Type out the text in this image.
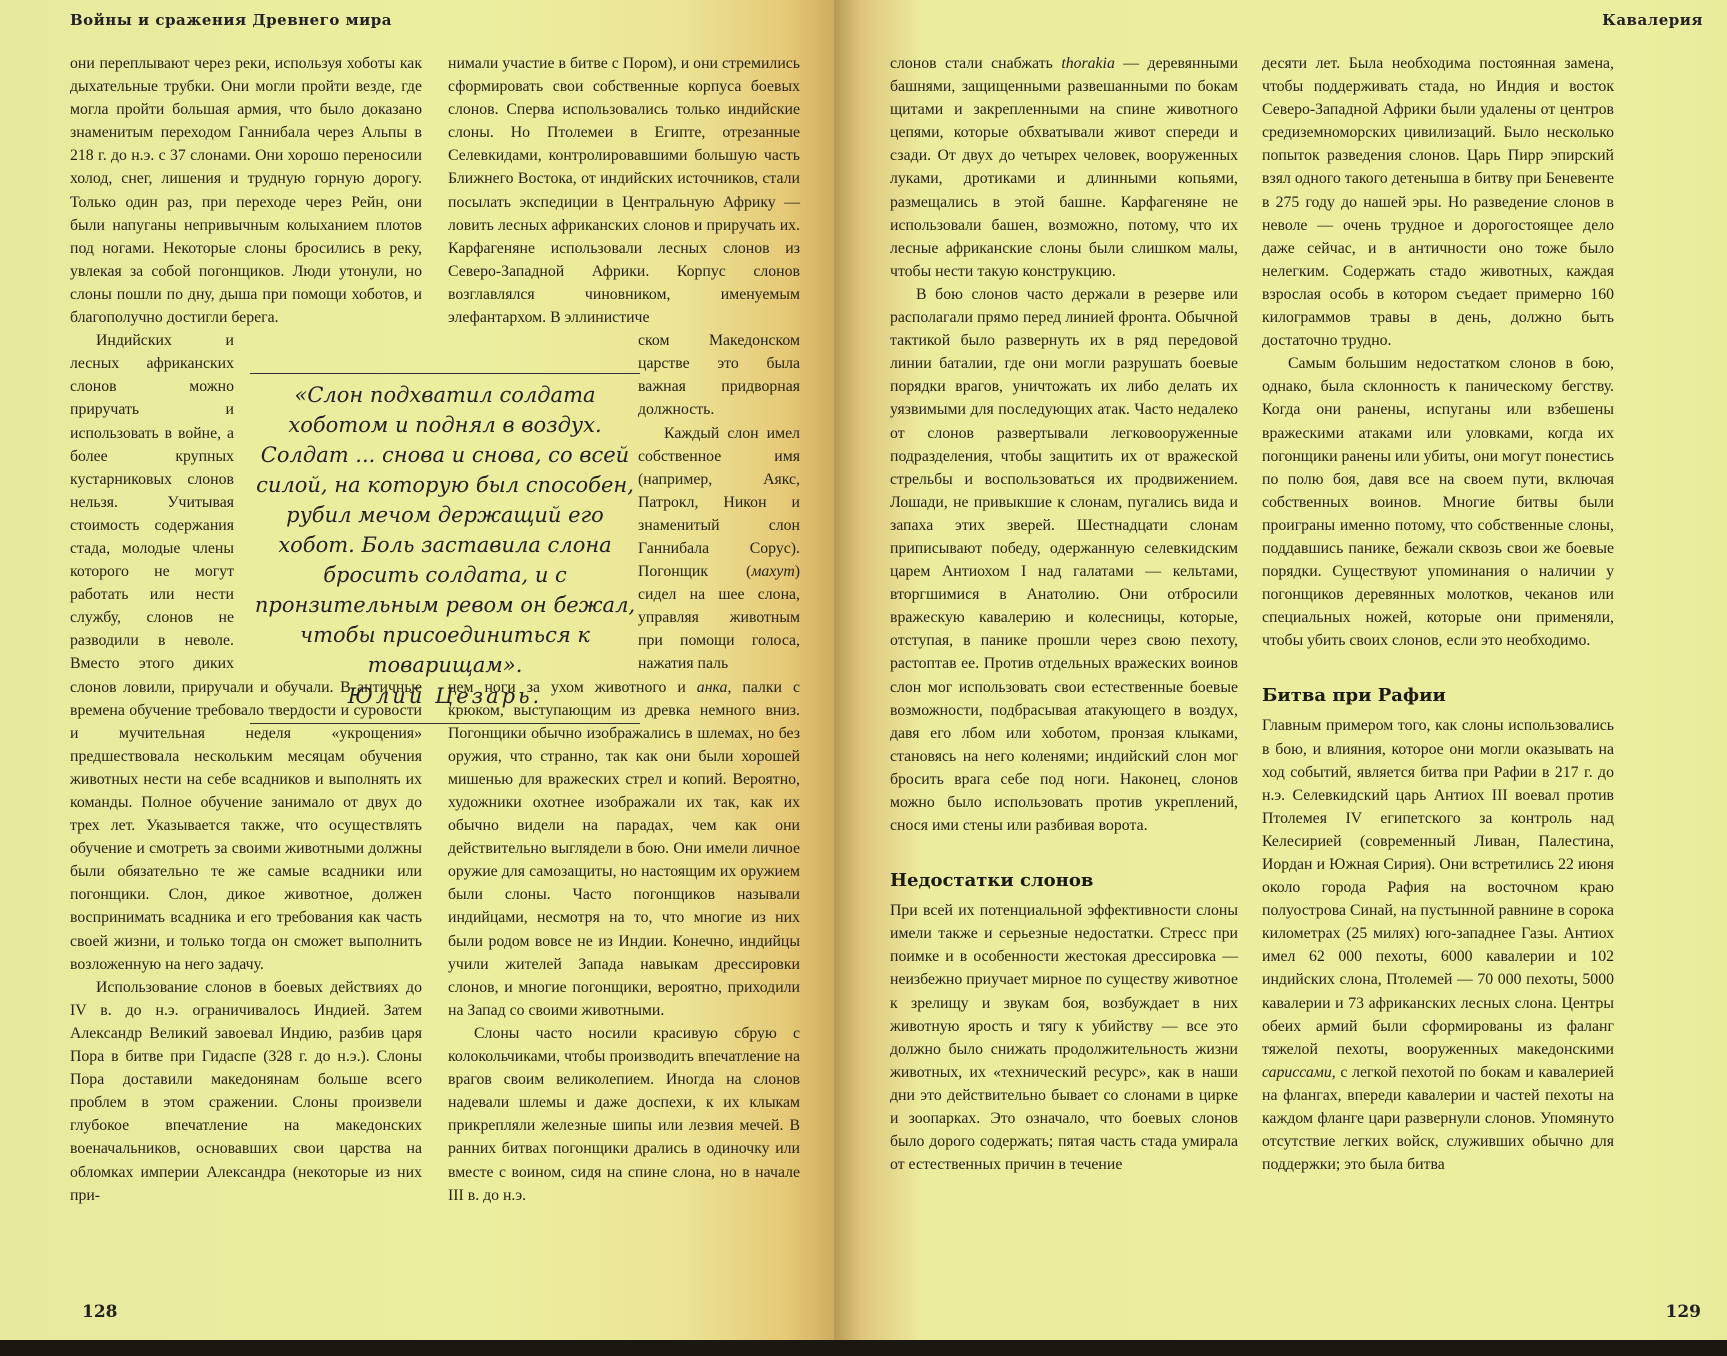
Войны и сражения Древнего мира

они переплывают через реки, используя хоботы как дыхательные трубки. Они могли пройти везде, где могла пройти большая армия, что было доказано знаменитым переходом Ганнибала через Альпы в 218 г. до н.э. с 37 слонами. Они хорошо переносили холод, снег, лишения и трудную горную дорогу. Только один раз, при переходе через Рейн, они были напуганы непривычным колыханием плотов под ногами. Некоторые слоны бросились в реку, увлекая за собой погонщиков. Люди утонули, но слоны пошли по дну, дыша при помощи хоботов, и благополучно достигли берега.

Индийских и лесных африканских слонов можно приручать и использовать в войне, а более крупных кустарниковых слонов нельзя. Учитывая стоимость содержания стада, молодые члены которого не могут работать или нести службу, слонов не разводили в неволе. Вместо этого диких слонов ловили, приручали и обучали. В античные времена обучение требовало твердости и суровости и мучительная неделя «укрощения» предшествовала нескольким месяцам обучения животных нести на себе всадников и выполнять их команды. Полное обучение занимало от двух до трех лет. Указывается также, что осуществлять обучение и смотреть за своими животными должны были обязательно те же самые всадники или погонщики. Слон, дикое животное, должен воспринимать всадника и его требования как часть своей жизни, и только тогда он сможет выполнить возложенную на него задачу.

Использование слонов в боевых действиях до IV в. до н.э. ограничивалось Индией. Затем Александр Великий завоевал Индию, разбив царя Пора в битве при Гидаспе (328 г. до н.э.). Слоны Пора доставили македонянам больше всего проблем в этом сражении. Слоны произвели глубокое впечатление на македонских военачальников, основавших свои царства на обломках империи Александра (некоторые из них при-

нимали участие в битве с Пором), и они стремились сформировать свои собственные корпуса боевых слонов. Сперва использовались только индийские слоны. Но Птолемеи в Египте, отрезанные Селевкидами, контролировавшими большую часть Ближнего Востока, от индийских источников, стали посылать экспедиции в Центральную Африку — ловить лесных африканских слонов и приручать их. Карфагеняне использовали лесных слонов из Северо-Западной Африки. Корпус слонов возглавлялся чиновником, именуемым элефантархом. В эллинистиче

ском Македонском царстве это была важная придворная должность.

Каждый слон имел собственное имя (например, Аякс, Патрокл, Никон и знаменитый слон Ганнибала Сорус). Погонщик (махут) сидел на шее слона, управляя животным при помощи голоса, нажатия паль

цем ноги за ухом животного и анка, палки с крюком, выступающим из древка немного вниз. Погонщики обычно изображались в шлемах, но без оружия, что странно, так как они были хорошей мишенью для вражеских стрел и копий. Вероятно, художники охотнее изображали их так, как их обычно видели на парадах, чем как они действительно выглядели в бою. Они имели личное оружие для самозащиты, но настоящим их оружием были слоны. Часто погонщиков называли индийцами, несмотря на то, что многие из них были родом вовсе не из Индии. Конечно, индийцы учили жителей Запада навыкам дрессировки слонов, и многие погонщики, вероятно, приходили на Запад со своими животными.

Слоны часто носили красивую сбрую с колокольчиками, чтобы производить впечатление на врагов своим великолепием. Иногда на слонов надевали шлемы и даже доспехи, к их клыкам прикрепляли железные шипы или лезвия мечей. В ранних битвах погонщики дрались в одиночку или вместе с воином, сидя на спине слона, но в начале III в. до н.э.

«Слон подхватил солдата хоботом и поднял в воздух. Солдат ... снова и снова, со всей силой, на которую был способен, рубил мечом держащий его хобот. Боль заставила слона бросить солдата, и с пронзительным ревом он бежал, чтобы присоединиться к товарищам».
Юлий Цезарь.
128
Кавалерия

слонов стали снабжать thorakia — деревянными башнями, защищенными развешанными по бокам щитами и закрепленными на спине животного цепями, которые обхватывали живот спереди и сзади. От двух до четырех человек, вооруженных луками, дротиками и длинными копьями, размещались в этой башне. Карфагеняне не использовали башен, возможно, потому, что их лесные африканские слоны были слишком малы, чтобы нести такую конструкцию.

В бою слонов часто держали в резерве или располагали прямо перед линией фронта. Обычной тактикой было развернуть их в ряд передовой линии баталии, где они могли разрушать боевые порядки врагов, уничтожать их либо делать их уязвимыми для последующих атак. Часто недалеко от слонов развертывали легковооруженные подразделения, чтобы защитить их от вражеской стрельбы и воспользоваться их продвижением. Лошади, не привыкшие к слонам, пугались вида и запаха этих зверей. Шестнадцати слонам приписывают победу, одержанную селевкидским царем Антиохом I над галатами — кельтами, вторгшимися в Анатолию. Они отбросили вражескую кавалерию и колесницы, которые, отступая, в панике прошли через свою пехоту, растоптав ее. Против отдельных вражеских воинов слон мог использовать свои естественные боевые возможности, подбрасывая атакующего в воздух, давя его лбом или хоботом, пронзая клыками, становясь на него коленями; индийский слон мог бросить врага себе под ноги. Наконец, слонов можно было использовать против укреплений, снося ими стены или разбивая ворота.

Недостатки слонов

При всей их потенциальной эффективности слоны имели также и серьезные недостатки. Стресс при поимке и в особенности жестокая дрессировка — неизбежно приучает мирное по существу животное к зрелищу и звукам боя, возбуждает в них животную ярость и тягу к убийству — все это должно было снижать продолжительность жизни животных, их «технический ресурс», как в наши дни это действительно бывает со слонами в цирке и зоопарках. Это означало, что боевых слонов было дорого содержать; пятая часть стада умирала от естественных причин в течение

десяти лет. Была необходима постоянная замена, чтобы поддерживать стада, но Индия и восток Северо-Западной Африки были удалены от центров средиземноморских цивилизаций. Было несколько попыток разведения слонов. Царь Пирр эпирский взял одного такого детеныша в битву при Беневенте в 275 году до нашей эры. Но разведение слонов в неволе — очень трудное и дорогостоящее дело даже сейчас, и в античности оно тоже было нелегким. Содержать стадо животных, каждая взрослая особь в котором съедает примерно 160 килограммов травы в день, должно быть достаточно трудно.

Самым большим недостатком слонов в бою, однако, была склонность к паническому бегству. Когда они ранены, испуганы или взбешены вражескими атаками или уловками, когда их погонщики ранены или убиты, они могут понестись по полю боя, давя все на своем пути, включая собственных воинов. Многие битвы были проиграны именно потому, что собственные слоны, поддавшись панике, бежали сквозь свои же боевые порядки. Существуют упоминания о наличии у погонщиков деревянных молотков, чеканов или специальных ножей, которые они применяли, чтобы убить своих слонов, если это необходимо.

Битва при Рафии

Главным примером того, как слоны использовались в бою, и влияния, которое они могли оказывать на ход событий, является битва при Рафии в 217 г. до н.э. Селевкидский царь Антиох III воевал против Птолемея IV египетского за контроль над Келесирией (современный Ливан, Палестина, Иордан и Южная Сирия). Они встретились 22 июня около города Рафия на восточном краю полуострова Синай, на пустынной равнине в сорока километрах (25 милях) юго-западнее Газы. Антиох имел 62 000 пехоты, 6000 кавалерии и 102 индийских слона, Птолемей — 70 000 пехоты, 5000 кавалерии и 73 африканских лесных слона. Центры обеих армий были сформированы из фаланг тяжелой пехоты, вооруженных македонскими сариссами, с легкой пехотой по бокам и кавалерией на флангах, впереди кавалерии и частей пехоты на каждом фланге цари развернули слонов. Упомянуто отсутствие легких войск, служивших обычно для поддержки; это была битва

129
